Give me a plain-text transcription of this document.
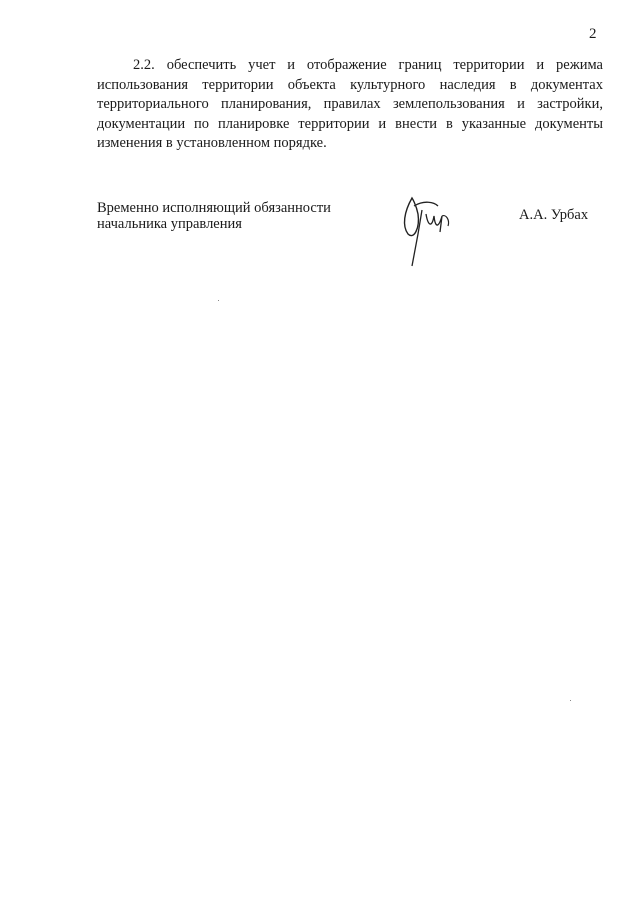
2
2.2. обеспечить учет и отображение границ территории и режима
использования территории объекта культурного наследия в документах
территориального планирования, правилах землепользования и застройки,
документации по планировке территории и внести в указанные документы
изменения в установленном порядке.
Временно исполняющий обязанности
начальника управления
А.А. Урбах
